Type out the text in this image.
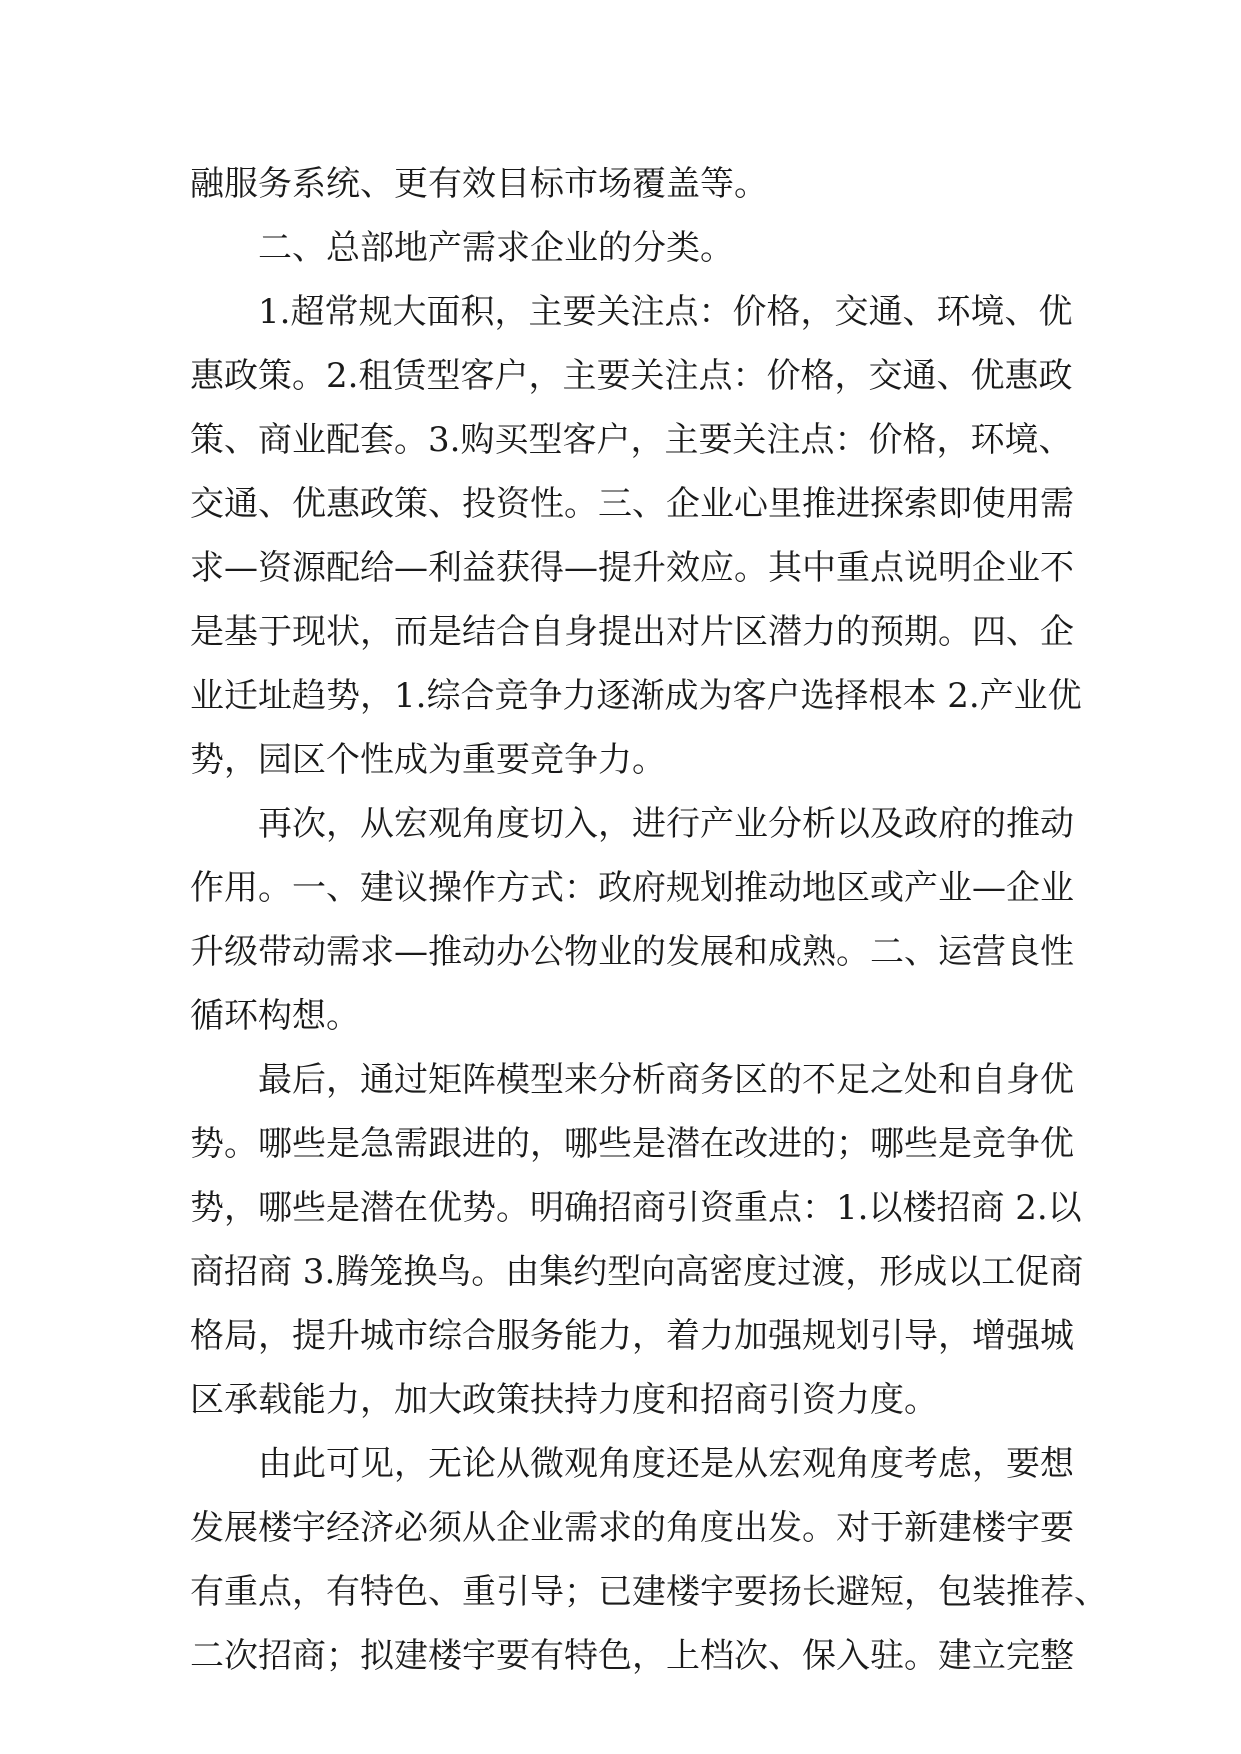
融服务系统、更有效目标市场覆盖等。
二、总部地产需求企业的分类。
1.超常规大面积，主要关注点：价格，交通、环境、优
惠政策。2.租赁型客户，主要关注点：价格，交通、优惠政
策、商业配套。3.购买型客户，主要关注点：价格，环境、
交通、优惠政策、投资性。三、企业心里推进探索即使用需
求—资源配给—利益获得—提升效应。其中重点说明企业不
是基于现状，而是结合自身提出对片区潜力的预期。四、企
业迁址趋势，1.综合竞争力逐渐成为客户选择根本 2.产业优
势，园区个性成为重要竞争力。
再次，从宏观角度切入，进行产业分析以及政府的推动
作用。一、建议操作方式：政府规划推动地区或产业—企业
升级带动需求—推动办公物业的发展和成熟。二、运营良性
循环构想。
最后，通过矩阵模型来分析商务区的不足之处和自身优
势。哪些是急需跟进的，哪些是潜在改进的；哪些是竞争优
势，哪些是潜在优势。明确招商引资重点：1.以楼招商 2.以
商招商 3.腾笼换鸟。由集约型向高密度过渡，形成以工促商
格局，提升城市综合服务能力，着力加强规划引导，增强城
区承载能力，加大政策扶持力度和招商引资力度。
由此可见，无论从微观角度还是从宏观角度考虑，要想
发展楼宇经济必须从企业需求的角度出发。对于新建楼宇要
有重点，有特色、重引导；已建楼宇要扬长避短，包装推荐、
二次招商；拟建楼宇要有特色，上档次、保入驻。建立完整
